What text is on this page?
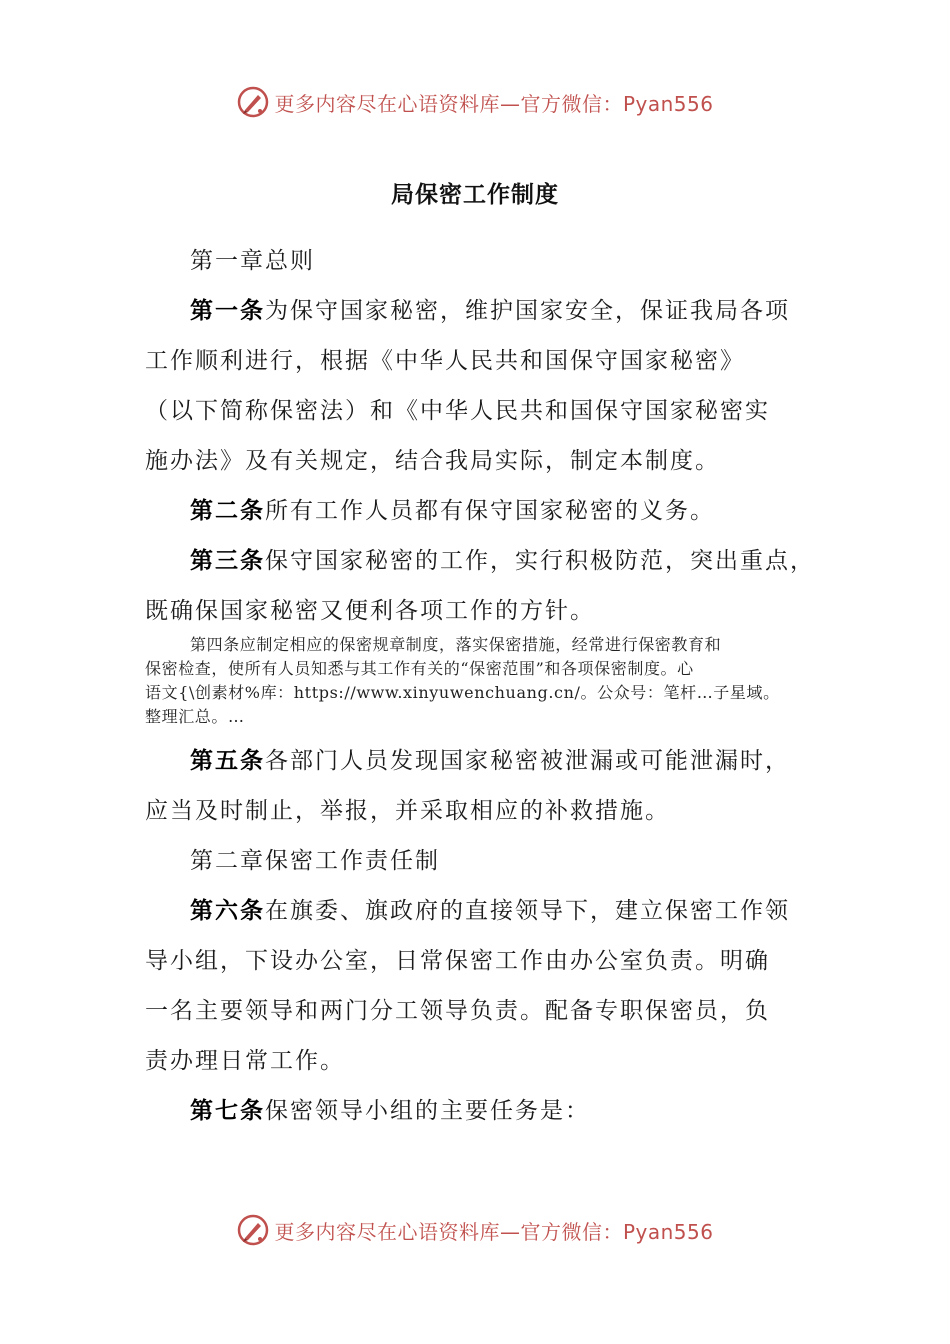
更多内容尽在心语资料库—官方微信：Pyan556
局保密工作制度
第一章总则
第一条为保守国家秘密，维护国家安全，保证我局各项
工作顺利进行，根据《中华人民共和国保守国家秘密》
（以下简称保密法）和《中华人民共和国保守国家秘密实
施办法》及有关规定，结合我局实际，制定本制度。
第二条所有工作人员都有保守国家秘密的义务。
第三条保守国家秘密的工作，实行积极防范，突出重点，
既确保国家秘密又便利各项工作的方针。
第四条应制定相应的保密规章制度，落实保密措施，经常进行保密教育和
保密检查，使所有人员知悉与其工作有关的“保密范围”和各项保密制度。心
语文{\创素材%库：https://www.xinyuwenchuang.cn/。公众号：笔杆…子星域。
整理汇总。…
第五条各部门人员发现国家秘密被泄漏或可能泄漏时，
应当及时制止，举报，并采取相应的补救措施。
第二章保密工作责任制
第六条在旗委、旗政府的直接领导下，建立保密工作领
导小组，下设办公室，日常保密工作由办公室负责。明确
一名主要领导和两门分工领导负责。配备专职保密员，负
责办理日常工作。
第七条保密领导小组的主要任务是：
更多内容尽在心语资料库—官方微信：Pyan556
